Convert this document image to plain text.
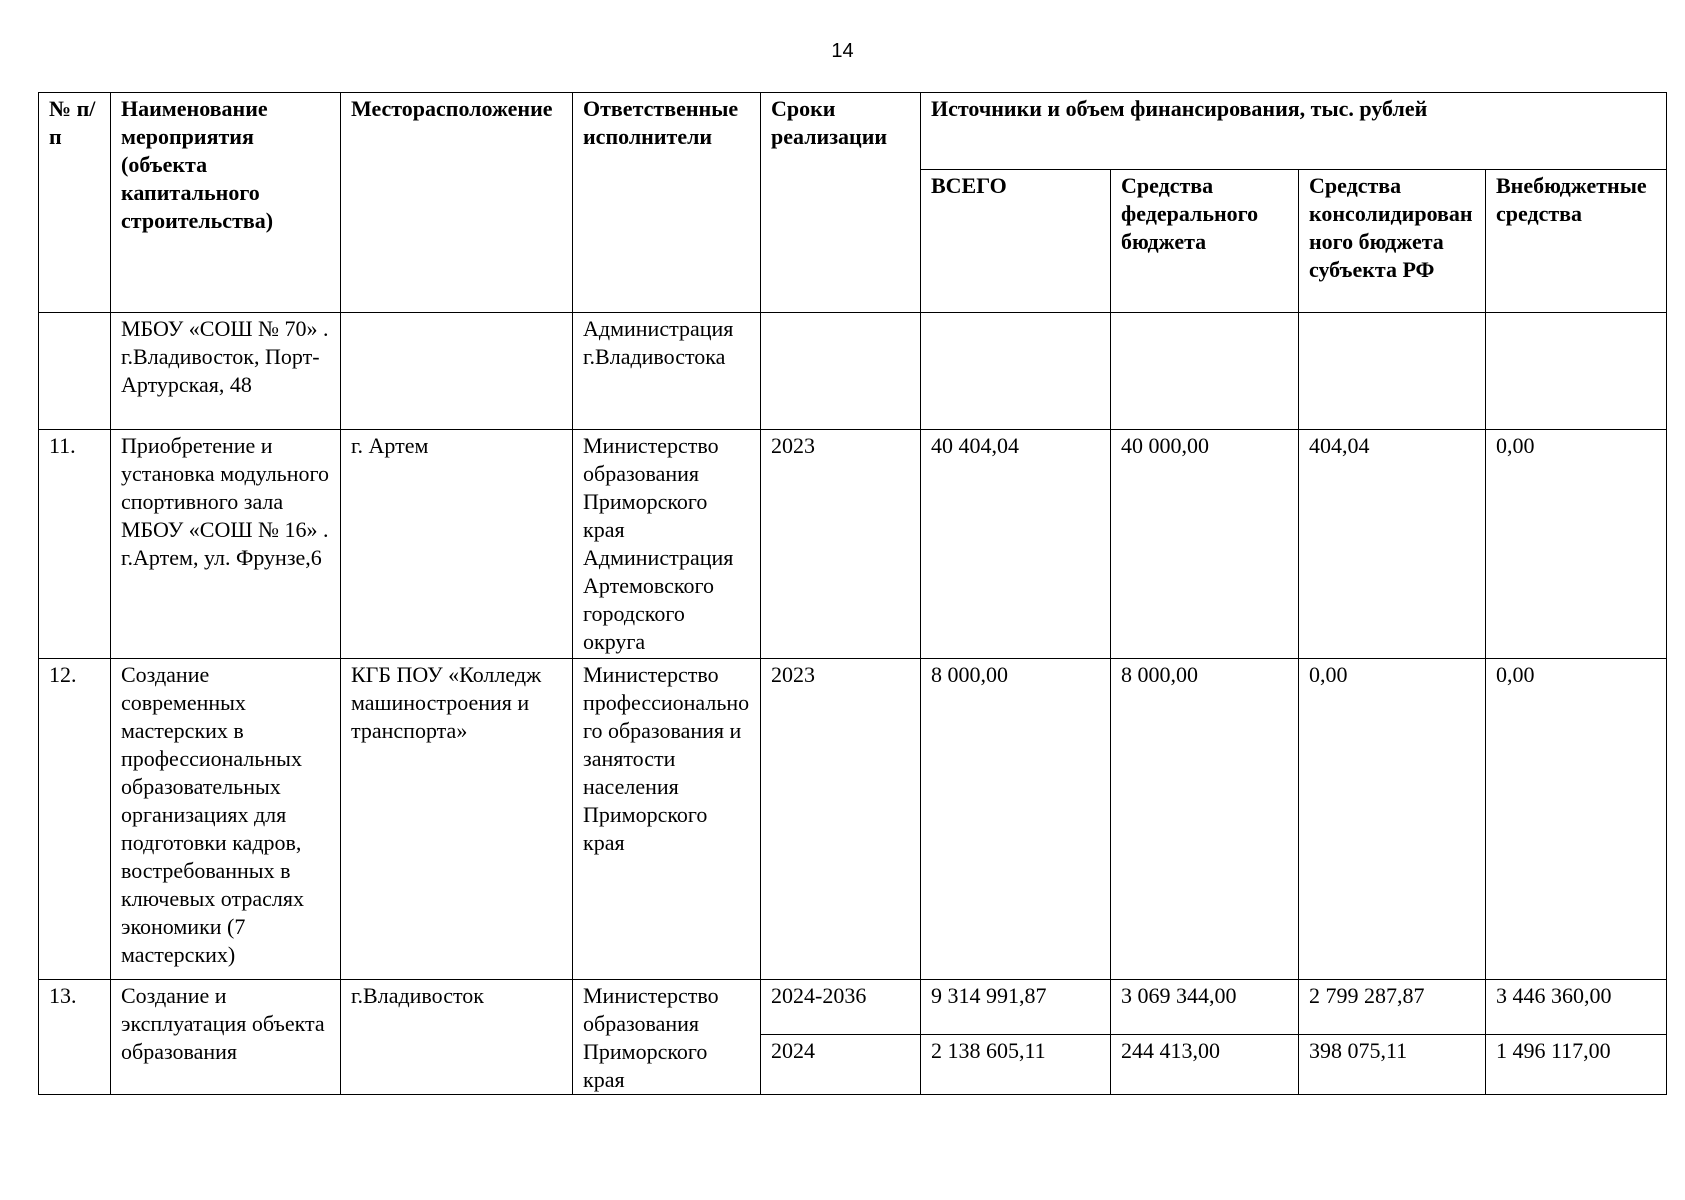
14
№ п/п	Наименование мероприятия (объекта капитального строительства)	Месторасположение	Ответственные исполнители	Сроки реализации	Источники и объем финансирования, тыс. рублей			
					ВСЕГО	Средства федерального бюджета	Средства консолидированного бюджета субъекта РФ	Внебюджетные средства
	МБОУ «СОШ № 70» . г.Владивосток, Порт-Артурская, 48		Администрация г.Владивостока					
11.	Приобретение и установка модульного спортивного зала МБОУ «СОШ № 16» . г.Артем, ул. Фрунзе,6	г. Артем	Министерство образования Приморского края Администрация Артемовского городского округа	2023	40 404,04	40 000,00	404,04	0,00
12.	Создание современных мастерских в профессиональных образовательных организациях для подготовки кадров, востребованных в ключевых отраслях экономики (7 мастерских)	КГБ ПОУ «Колледж машиностроения и транспорта»	Министерство профессионального образования и занятости населения Приморского края	2023	8 000,00	8 000,00	0,00	0,00
13.	Создание и эксплуатация объекта образования	г.Владивосток	Министерство образования Приморского края	2024-2036	9 314 991,87	3 069 344,00	2 799 287,87	3 446 360,00
				2024	2 138 605,11	244 413,00	398 075,11	1 496 117,00
